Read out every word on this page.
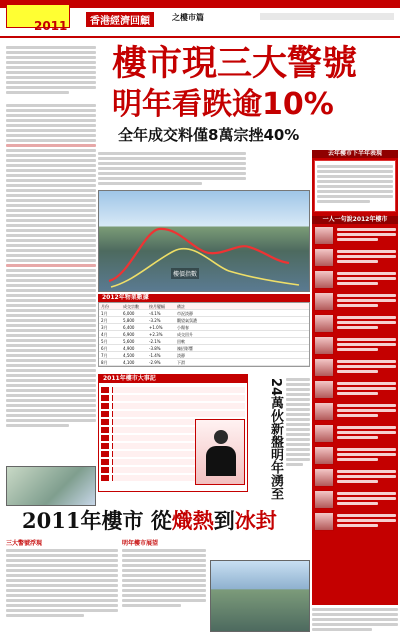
2011	香港經濟回顧	之樓市篇
樓市現三大警號
明年看跌逾10%
全年成交料僅8萬宗挫40%
去年樓市下半年表現
一人一句說2012年樓市
樓價指數
2012年物業數據
月份	成交宗數	按月變幅	備註
1月	6,000	-4.1%	市況淡靜
2月	5,800	-3.2%	觀望氣氛濃
3月	6,400	+1.0%	小陽春
4月	6,900	+2.3%	成交回升
5月	5,600	-2.1%	回軟
6月	4,900	-3.8%	辣招影響
7月	4,500	-1.4%	淡靜
8月	4,100	-2.9%	下滑
2011年樓市大事記	24萬伙新盤明年湧至
2011年樓市 從熾熱到冰封
三大警號浮現	明年樓市展望
